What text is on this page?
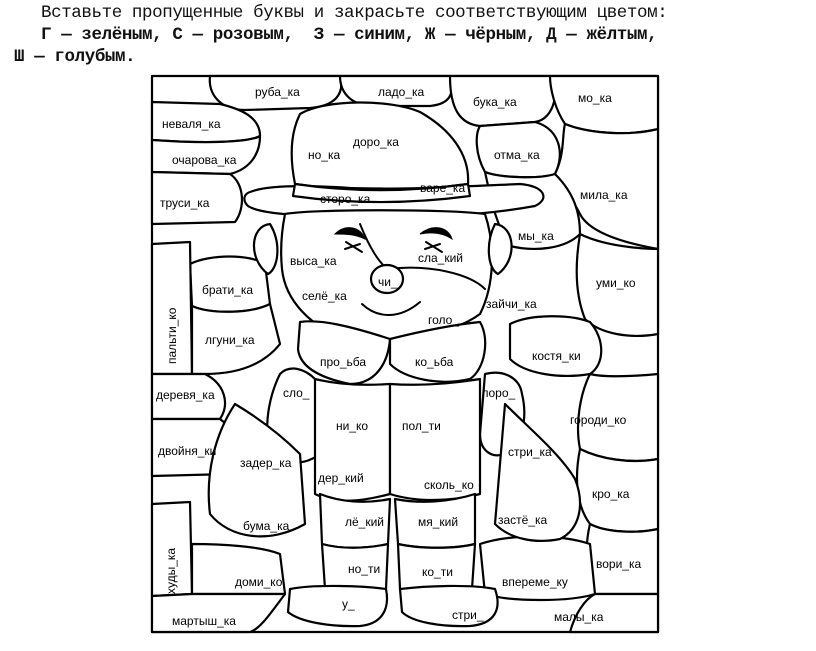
Вставьте пропущенные буквы и закрасьте соответствующим цветом:
Г — зелёным, С — розовым,  З — синим, Ж — чёрным, Д — жёлтым,
Ш — голубым.
руба_ка	ладо_ка
бука_ка	мо_ка
неваля_ка
доро_ка
но_ка	отма_ка
очарова_ка
мила_ка
труси_ка	сторо_ка
варе_ка
мы_ка
выса_ка	сла_кий
чи_
пальти_ко
брати_ка	уми_ко
селё_ка
зайчи_ка
голо_
лгуни_ка
про_ьба	ко_ьба	костя_ки
деревя_ка	сло_	поро_
ни_ко	пол_ти	городи_ко
двойня_ки
задер_ка
стри_ка
дер_кий	сколь_ко
кро_ка
бума_ка	лё_кий	мя_кий	застё_ка
худы_ка	но_ти	ко_ти
вори_ка
доми_ко	впереме_ку
у_
мартыш_ка	стри_	малы_ка
